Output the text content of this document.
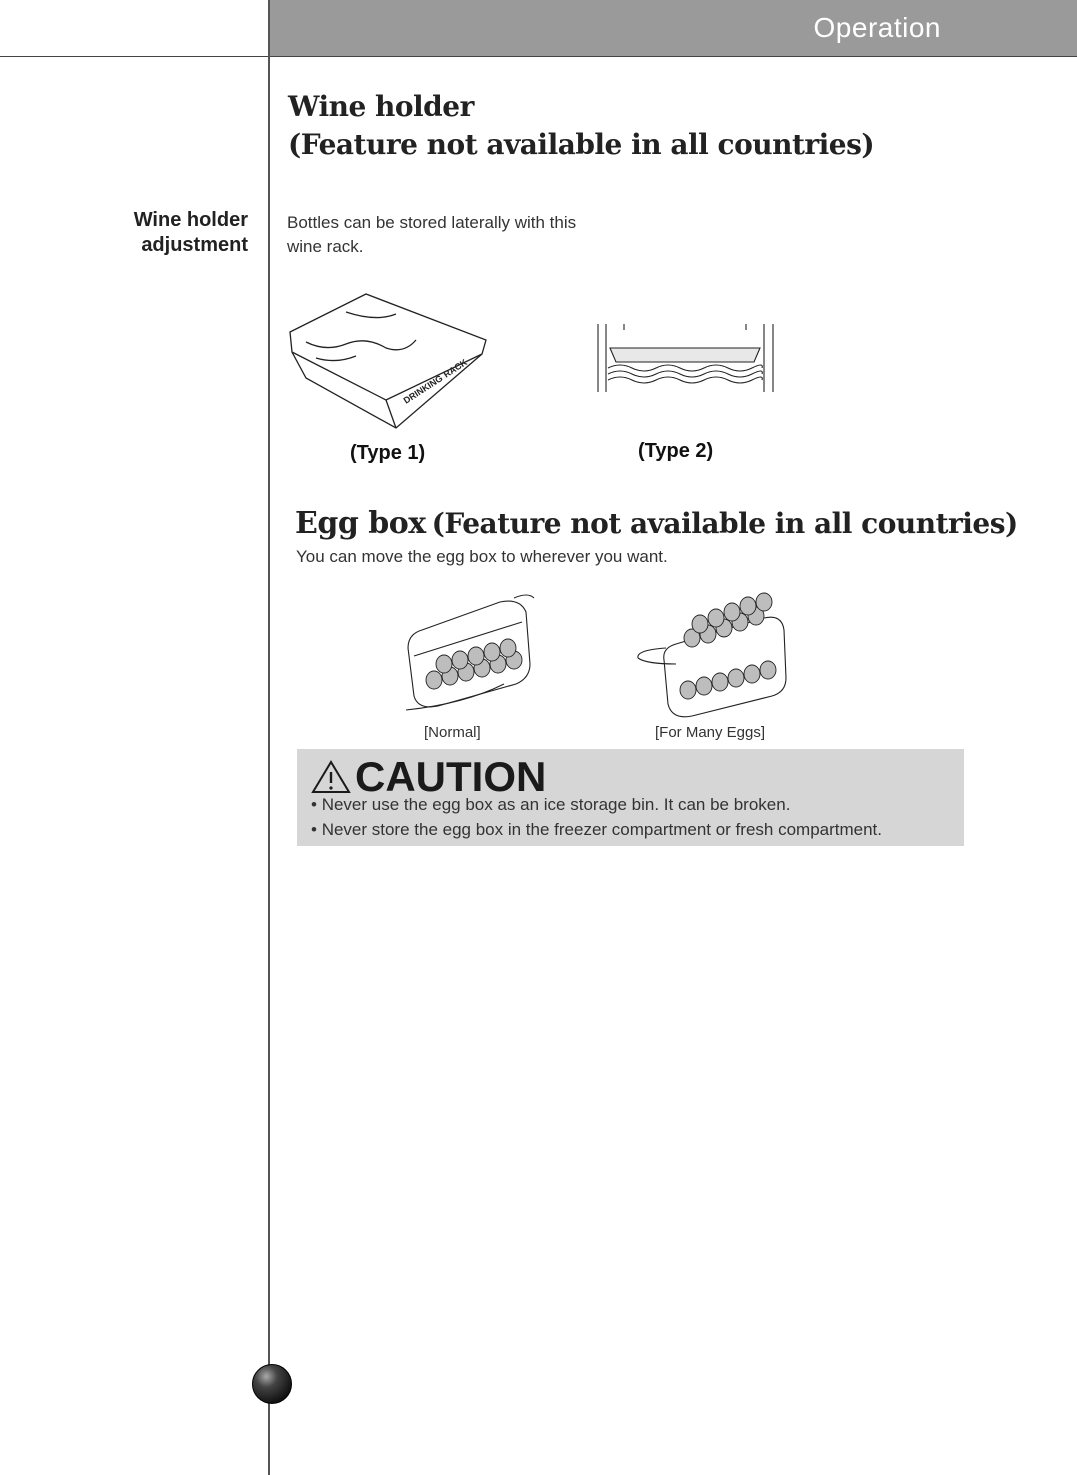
Operation
Wine holder
(Feature not available in all countries)
Wine holder
adjustment
Bottles can be stored laterally with this
wine rack.
DRINKING
RACK
(Type 1)	(Type 2)
Egg box (Feature not available in all countries)
You can move the egg box to wherever you want.
[Normal]	[For Many Eggs]
CAUTION
• Never use the egg box as an ice storage bin. It can be broken.
• Never store the egg box in the freezer compartment or fresh compartment.
